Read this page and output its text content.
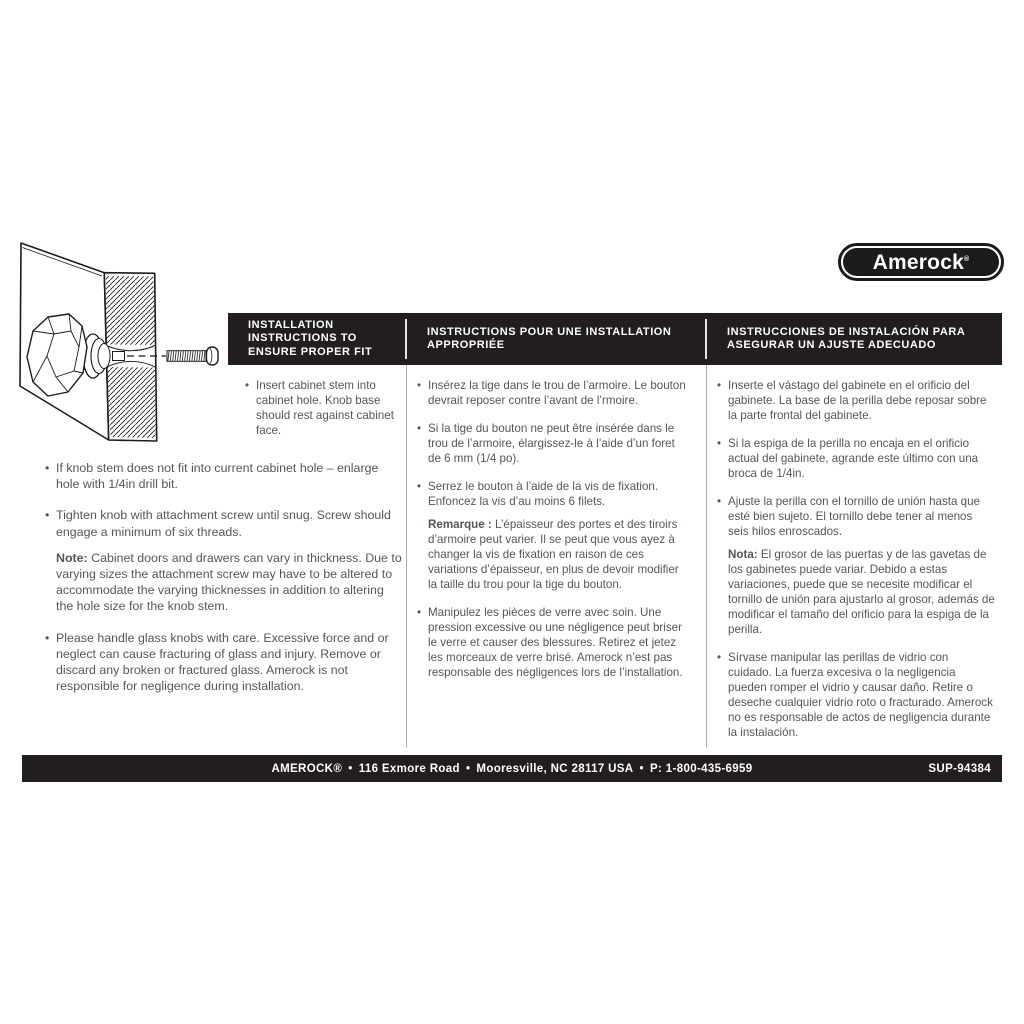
Amerock®
INSTALLATION INSTRUCTIONS TO ENSURE PROPER FIT
INSTRUCTIONS POUR UNE INSTALLATION APPROPRIÉE
INSTRUCCIONES DE INSTALACIÓN PARA ASEGURAR UN AJUSTE ADECUADO

• Insert cabinet stem into cabinet hole. Knob base should rest against cabinet face.

• If knob stem does not fit into current cabinet hole – enlarge hole with 1/4in drill bit.

• Tighten knob with attachment screw until snug. Screw should engage a minimum of six threads.

Note: Cabinet doors and drawers can vary in thickness. Due to varying sizes the attachment screw may have to be altered to accommodate the varying thicknesses in addition to altering the hole size for the knob stem.

• Please handle glass knobs with care. Excessive force and or neglect can cause fracturing of glass and injury. Remove or discard any broken or fractured glass. Amerock is not responsible for negligence during installation.

• Insérez la tige dans le trou de l’armoire. Le bouton devrait reposer contre l’avant de l’rmoire.

• Si la tige du bouton ne peut être insérée dans le trou de l’armoire, élargissez-le à l’aide d’un foret de 6 mm (1/4 po).

• Serrez le bouton à l’aide de la vis de fixation. Enfoncez la vis d’au moins 6 filets.

Remarque : L’épaisseur des portes et des tiroirs d’armoire peut varier. Il se peut que vous ayez à changer la vis de fixation en raison de ces variations d’épaisseur, en plus de devoir modifier la taille du trou pour la tige du bouton.

• Manipulez les pièces de verre avec soin. Une pression excessive ou une négligence peut briser le verre et causer des blessures. Retirez et jetez les morceaux de verre brisé. Amerock n’est pas responsable des négligences lors de l’installation.

• Inserte el vástago del gabinete en el orificio del gabinete. La base de la perilla debe reposar sobre la parte frontal del gabinete.

• Si la espiga de la perilla no encaja en el orificio actual del gabinete, agrande este último con una broca de 1/4in.

• Ajuste la perilla con el tornillo de unión hasta que esté bien sujeto. El tornillo debe tener al menos seis hilos enroscados.

Nota: El grosor de las puertas y de las gavetas de los gabinetes puede variar. Debido a estas variaciones, puede que se necesite modificar el tornillo de unión para ajustarlo al grosor, además de modificar el tamaño del orificio para la espiga de la perilla.

• Sírvase manipular las perillas de vidrio con cuidado. La fuerza excesiva o la negligencia pueden romper el vidrio y causar daño. Retire o deseche cualquier vidrio roto o fracturado. Amerock no es responsable de actos de negligencia durante la instalación.

AMEROCK® • 116 Exmore Road • Mooresville, NC 28117 USA • P: 1-800-435-6959	SUP-94384
